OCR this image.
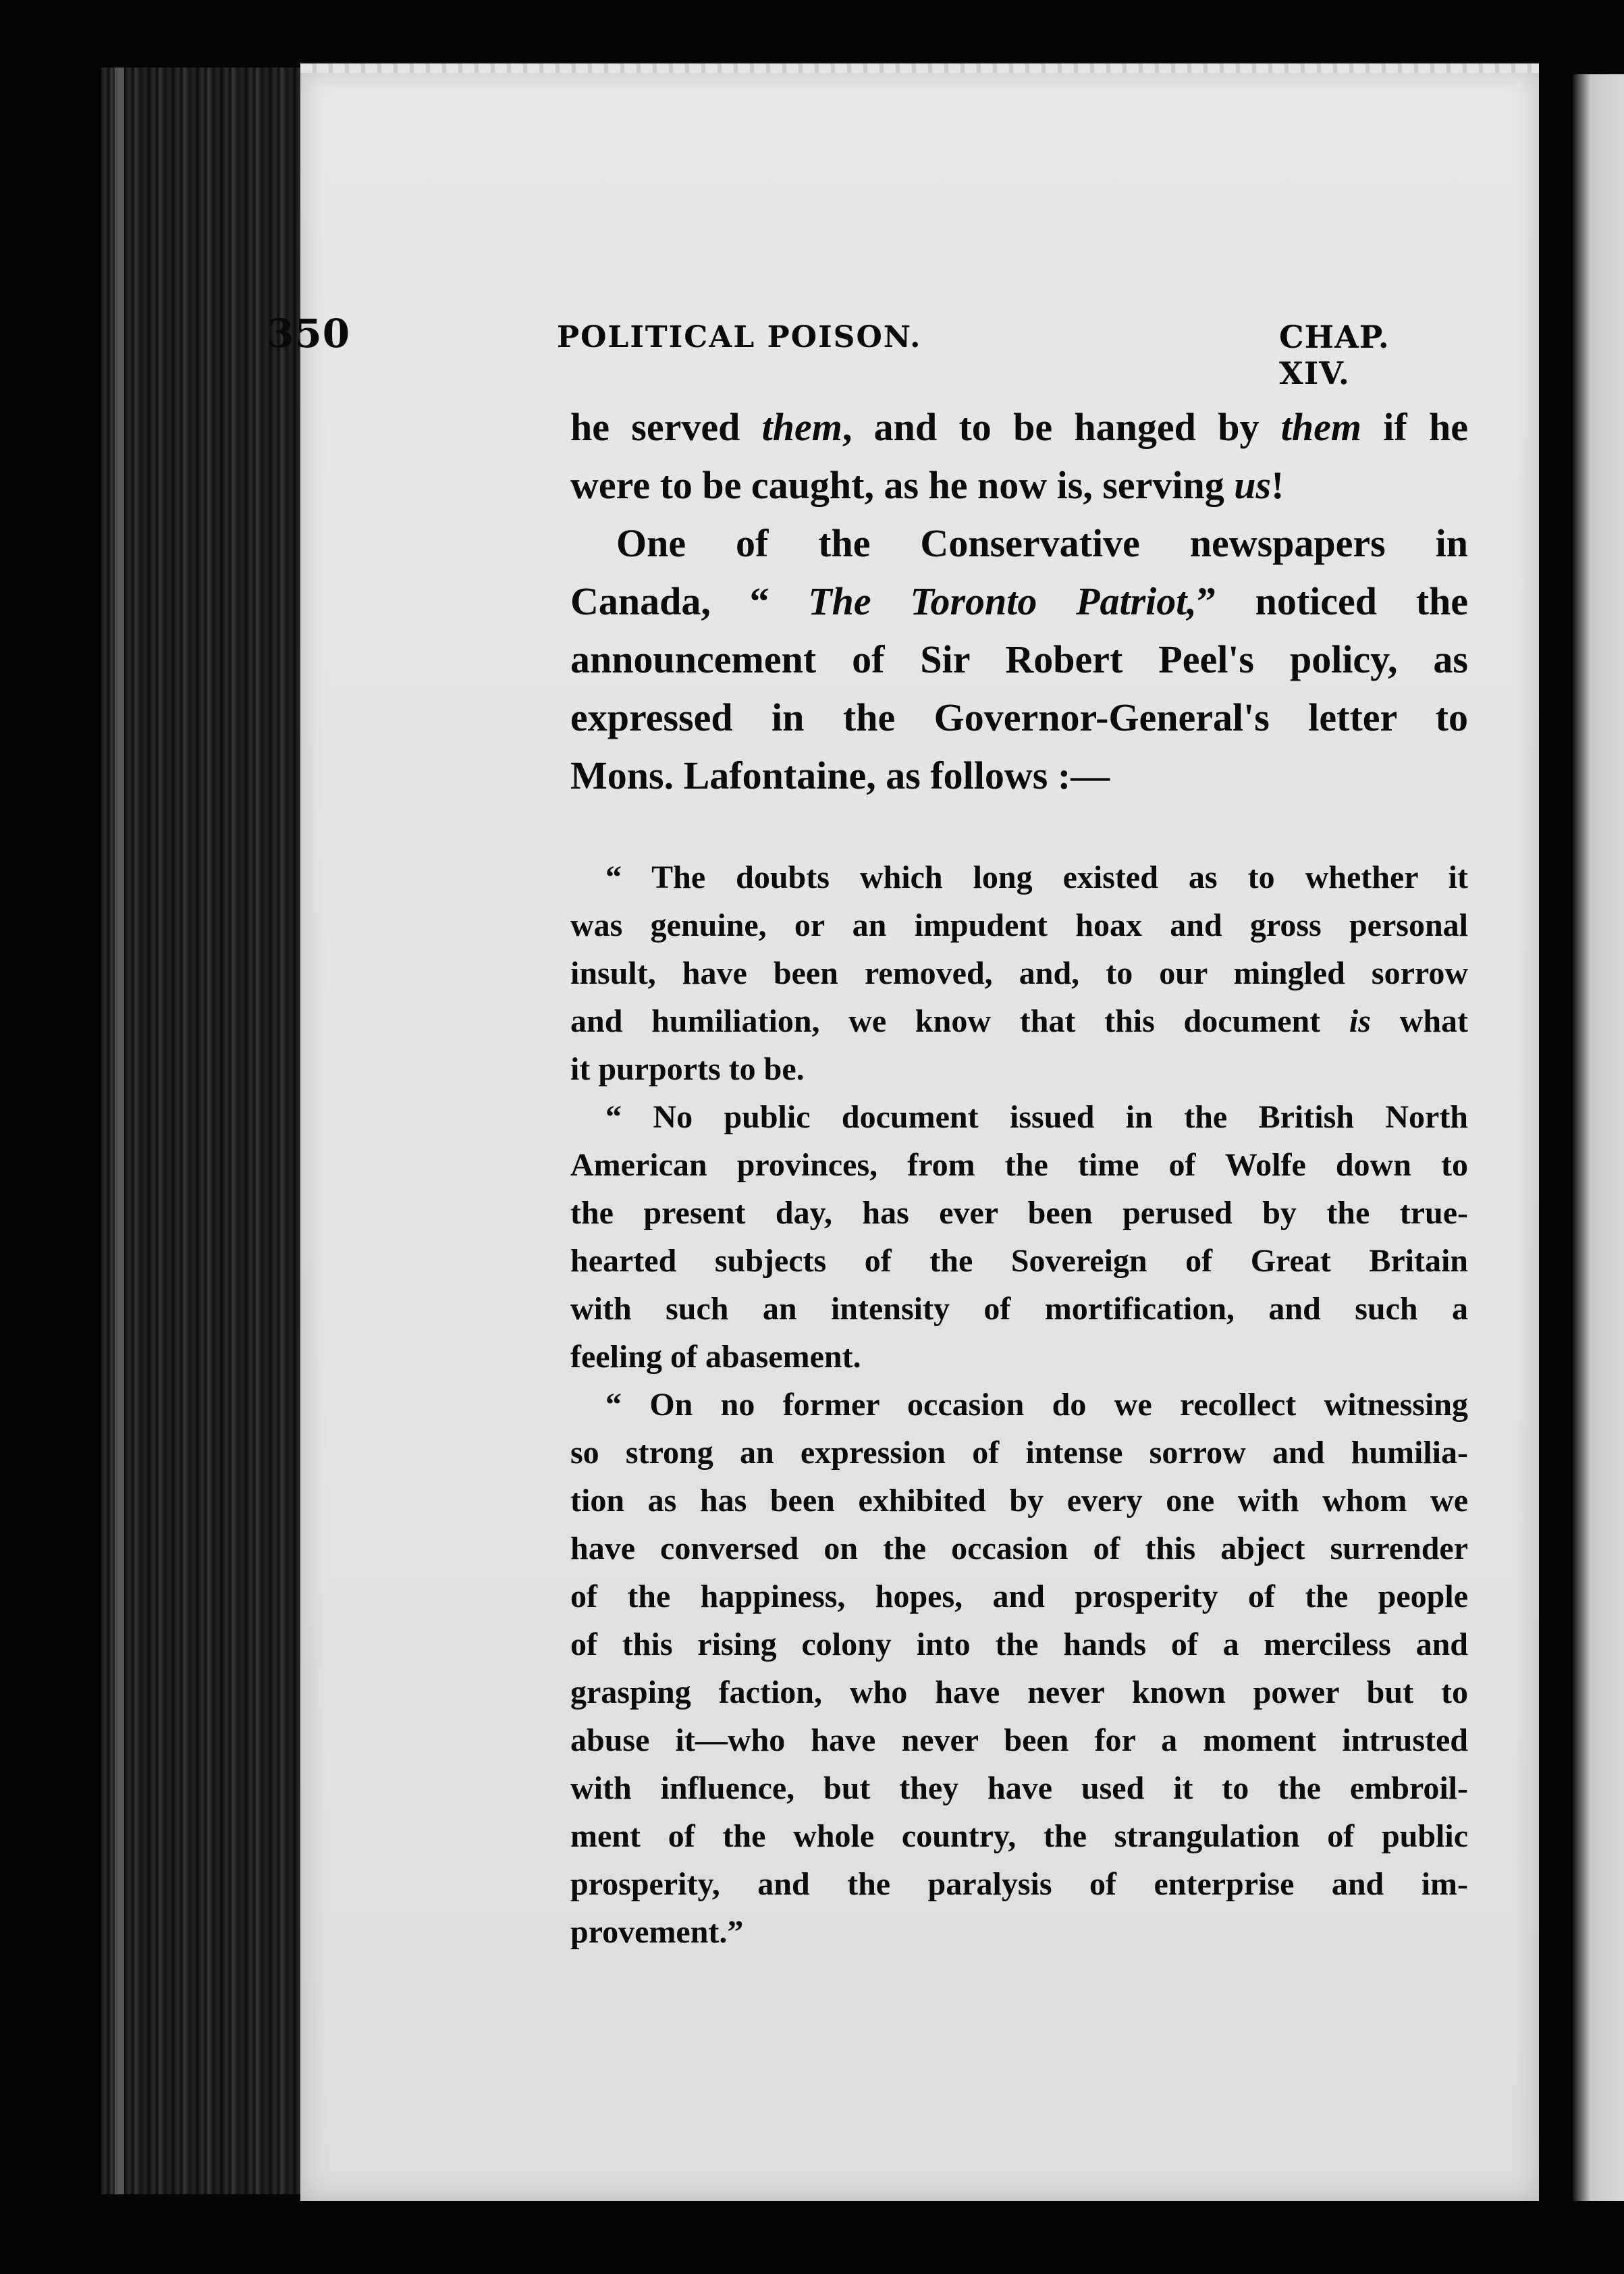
350	POLITICAL POISON.	CHAP. XIV.

he served them, and to be hanged by them if he

were to be caught, as he now is, serving us!

One of the Conservative newspapers in

Canada, “ The Toronto Patriot,” noticed the

announcement of Sir Robert Peel's policy, as

expressed in the Governor-General's letter to

Mons. Lafontaine, as follows :—

“ The doubts which long existed as to whether it

was genuine, or an impudent hoax and gross personal

insult, have been removed, and, to our mingled sorrow

and humiliation, we know that this document is what

it purports to be.

“ No public document issued in the British North

American provinces, from the time of Wolfe down to

the present day, has ever been perused by the true-

hearted subjects of the Sovereign of Great Britain

with such an intensity of mortification, and such a

feeling of abasement.

“ On no former occasion do we recollect witnessing

so strong an expression of intense sorrow and humilia-

tion as has been exhibited by every one with whom we

have conversed on the occasion of this abject surrender

of the happiness, hopes, and prosperity of the people

of this rising colony into the hands of a merciless and

grasping faction, who have never known power but to

abuse it—who have never been for a moment intrusted

with influence, but they have used it to the embroil-

ment of the whole country, the strangulation of public

prosperity, and the paralysis of enterprise and im-

provement.”
